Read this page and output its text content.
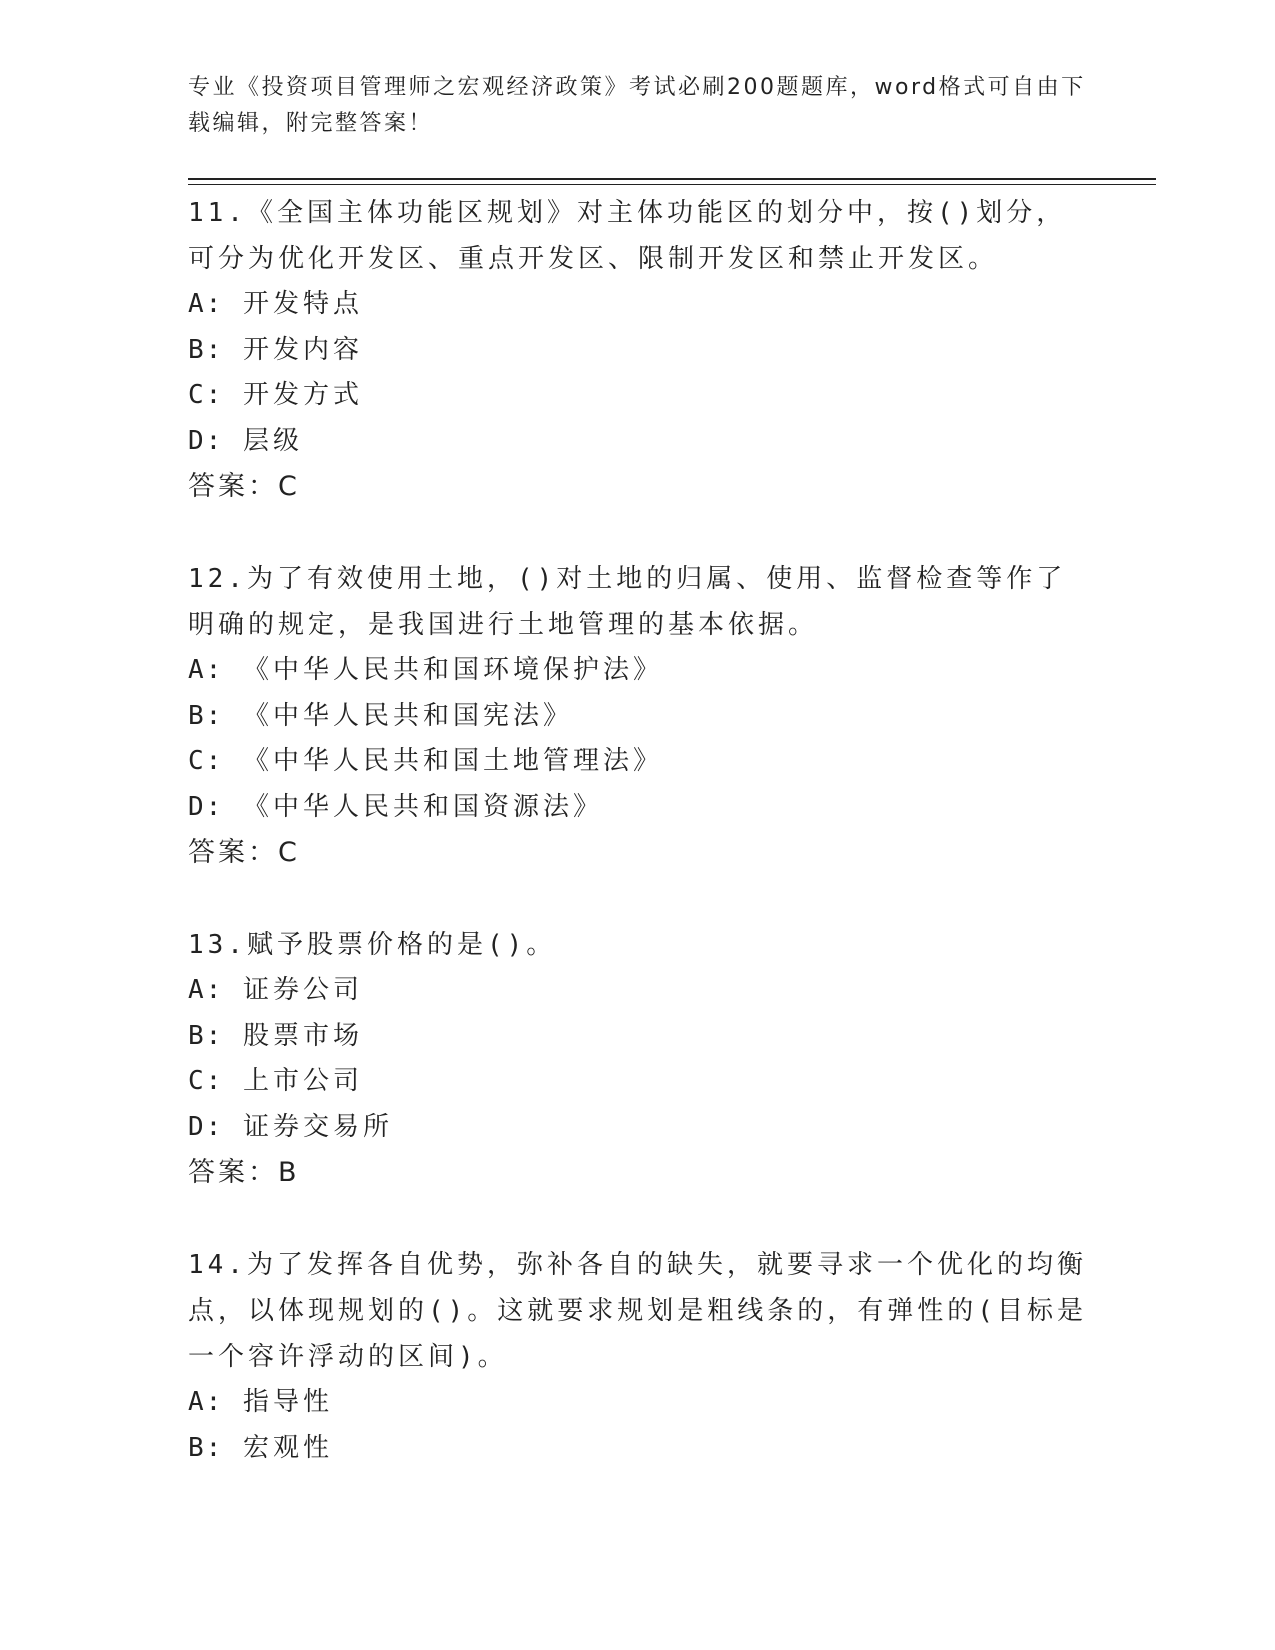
专业《投资项目管理师之宏观经济政策》考试必刷200题题库，word格式可自由下载编辑，附完整答案！

11.《全国主体功能区规划》对主体功能区的划分中，按()划分，可分为优化开发区、重点开发区、限制开发区和禁止开发区。

A: 开发特点

B: 开发内容

C: 开发方式

D: 层级

答案：C

12.为了有效使用土地，()对土地的归属、使用、监督检查等作了明确的规定，是我国进行土地管理的基本依据。

A: 《中华人民共和国环境保护法》

B: 《中华人民共和国宪法》

C: 《中华人民共和国土地管理法》

D: 《中华人民共和国资源法》

答案：C

13.赋予股票价格的是()。

A: 证券公司

B: 股票市场

C: 上市公司

D: 证券交易所

答案：B

14.为了发挥各自优势，弥补各自的缺失，就要寻求一个优化的均衡点，以体现规划的()。这就要求规划是粗线条的，有弹性的(目标是一个容许浮动的区间)。

A: 指导性

B: 宏观性
